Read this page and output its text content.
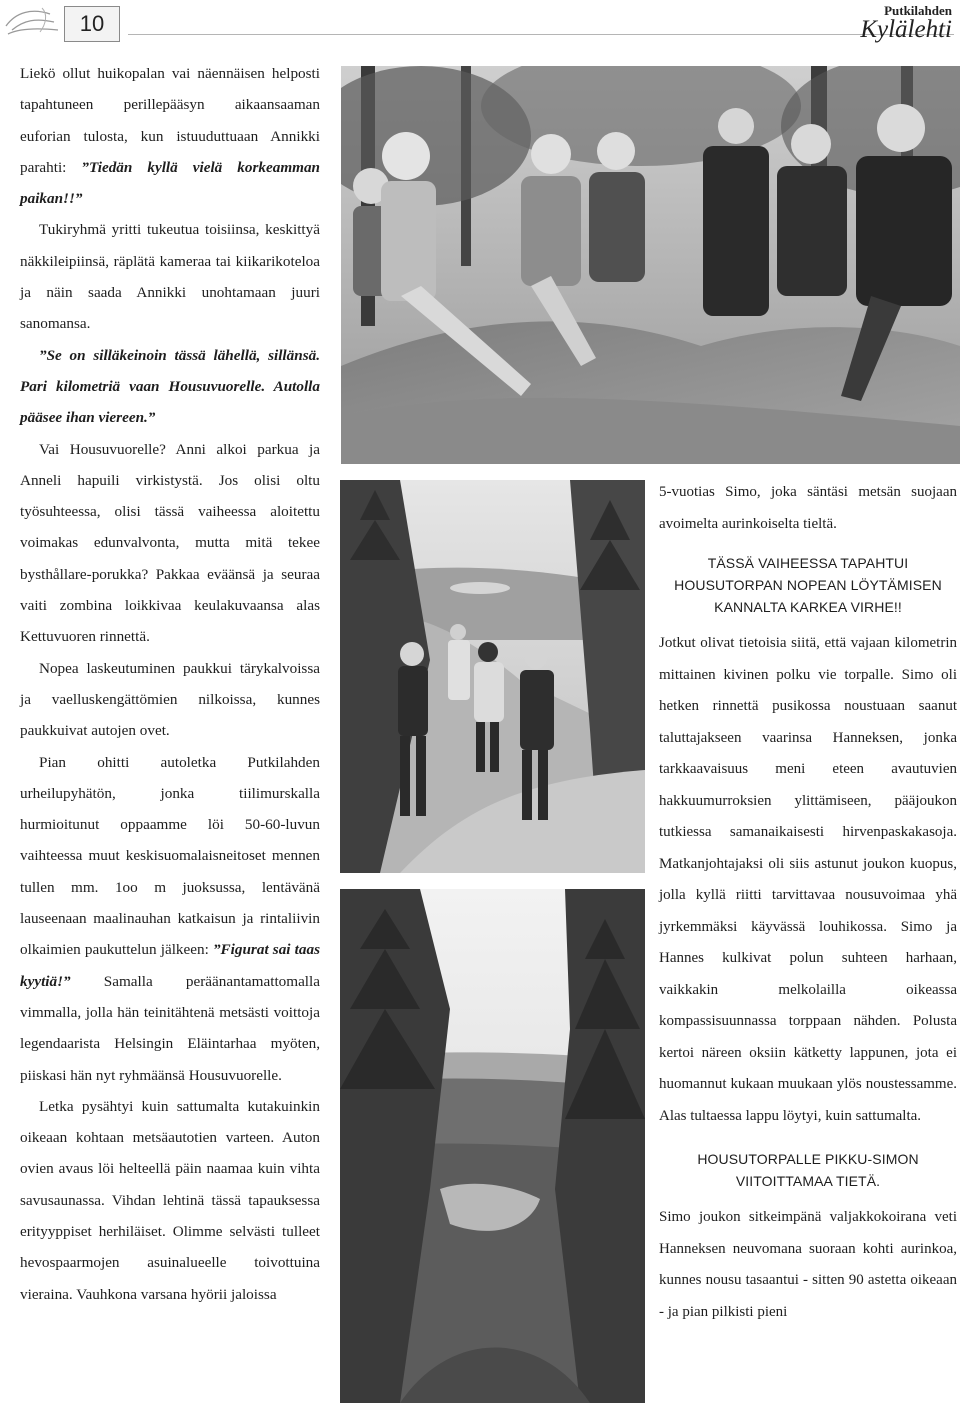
10
Putkilahden
Kylälehti

Liekö ollut huikopalan vai näennäisen helposti tapahtuneen perillepääsyn aikaansaaman euforian tulosta, kun istuuduttuaan Annikki parahti: ”Tiedän kyllä vielä korkeamman paikan!!”

Tukiryhmä yritti tukeutua toisiinsa, keskittyä näkkileipiinsä, räplätä kameraa tai kiikarikoteloa ja näin saada Annikki unohtamaan juuri sanomansa.

”Se on silläkeinoin tässä lähellä, sillänsä. Pari kilometriä vaan Housuvuorelle. Autolla pääsee ihan viereen.”

Vai Housuvuorelle? Anni alkoi parkua ja Anneli hapuili virkistystä. Jos olisi oltu työsuhteessa, olisi tässä vaiheessa aloitettu voimakas edunvalvonta, mutta mitä tekee bysthållare-porukka? Pakkaa eväänsä ja seuraa vaiti zombina loikkivaa keulakuvaansa alas Kettuvuoren rinnettä.

Nopea laskeutuminen paukkui tärykalvoissa ja vaelluskengättömien nilkoissa, kunnes paukkuivat autojen ovet.

Pian ohitti autoletka Putkilahden urheilupyhätön, jonka tiilimurskalla hurmioitunut oppaamme löi 50-60-luvun vaihteessa muut keskisuomalaisneitoset mennen tullen mm. 1oo m juoksussa, lentävänä lauseenaan maalinauhan katkaisun ja rintaliivin olkaimien paukuttelun jälkeen: ”Figurat sai taas kyytiä!” Samalla peräänantamattomalla vimmalla, jolla hän teinitähtenä metsästi voittoja legendaarista Helsingin Eläintarhaa myöten, piiskasi hän nyt ryhmäänsä Housuvuorelle.

Letka pysähtyi kuin sattumalta kutakuinkin oikeaan kohtaan metsäautotien varteen. Auton ovien avaus löi helteellä päin naamaa kuin vihta savusaunassa. Vihdan lehtinä tässä tapauksessa erityyppiset herhiläiset. Olimme selvästi tulleet hevospaarmojen asuinalueelle toivottuina vieraina. Vauhkona varsana hyörii jaloissa

5-vuotias Simo, joka säntäsi metsän suojaan avoimelta aurinkoiselta tieltä.

TÄSSÄ VAIHEESSA TAPAHTUI
HOUSUTORPAN NOPEAN LÖYTÄMISEN
KANNALTA KARKEA VIRHE!!

Jotkut olivat tietoisia siitä, että vajaan kilometrin mittainen kivinen polku vie torpalle. Simo oli hetken rinnettä pusikossa noustuaan saanut taluttajakseen vaarinsa Hanneksen, jonka tarkkaavaisuus meni eteen avautuvien hakkuumurroksien ylittämiseen, pääjoukon tutkiessa samanaikaisesti hirvenpaskakasoja. Matkanjohtajaksi oli siis astunut joukon kuopus, jolla kyllä riitti tarvittavaa nousuvoimaa yhä jyrkemmäksi käyvässä louhikossa. Simo ja Hannes kulkivat polun suhteen harhaan, vaikkakin melkolailla oikeassa kompassisuunnassa torppaan nähden. Polusta kertoi näreen oksiin kätketty lappunen, jota ei huomannut kukaan muukaan ylös noustessamme. Alas tultaessa lappu löytyi, kuin sattumalta.

HOUSUTORPALLE PIKKU-SIMON
VIITOITTAMAA TIETÄ.

Simo joukon sitkeimpänä valjakkokoirana veti Hanneksen neuvomana suoraan kohti aurinkoa, kunnes nousu tasaantui - sitten 90 astetta oikeaan - ja pian pilkisti pieni
